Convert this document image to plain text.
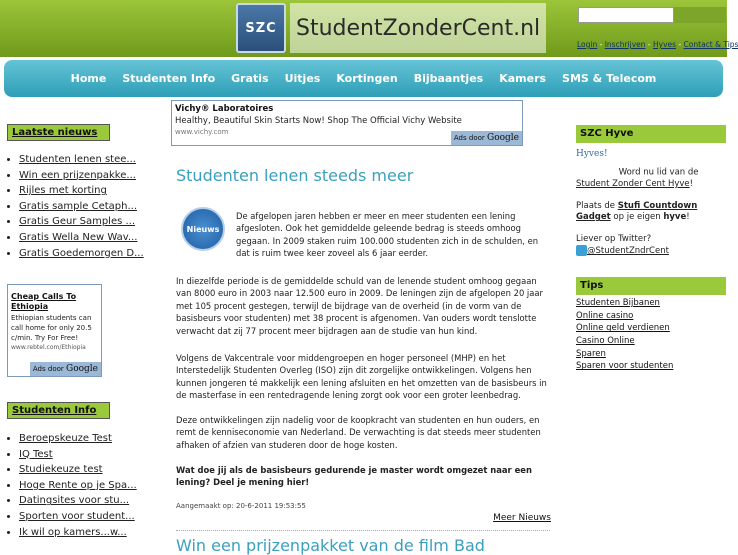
SZC StudentZonderCent.nl
Login - Inschrijven - Hyves - Contact & Tips
Home	Studenten Info	Gratis	Uitjes	Kortingen	Bijbaantjes	Kamers	SMS & Telecom
Vichy® Laboratoires
Healthy, Beautiful Skin Starts Now! Shop The Official Vichy Website
www.vichy.com
Ads door Google
Laatste nieuws
• Studenten lenen stee...
• Win een prijzenpakke...
• Rijles met korting
• Gratis sample Cetaph...
• Gratis Geur Samples ...
• Gratis Wella New Wav...
• Gratis Goedemorgen D...
Cheap Calls To Ethiopia
Ethiopian students can call home for only 20.5 c/min. Try For Free!
www.rebtel.com/Ethiopia
Ads door Google
Studenten Info
• Beroepskeuze Test
• IQ Test
• Studiekeuze test
• Hoge Rente op je Spa...
• Datingsites voor stu...
• Sporten voor student...
• Ik wil op kamers...w...
Studenten lenen steeds meer
Nieuws
De afgelopen jaren hebben er meer en meer studenten een lening afgesloten. Ook het gemiddelde geleende bedrag is steeds omhoog gegaan. In 2009 staken ruim 100.000 studenten zich in de schulden, en dat is ruim twee keer zoveel als 6 jaar eerder.
In diezelfde periode is de gemiddelde schuld van de lenende student omhoog gegaan van 8000 euro in 2003 naar 12.500 euro in 2009. De leningen zijn de afgelopen 20 jaar met 105 procent gestegen, terwijl de bijdrage van de overheid (in de vorm van de basisbeurs voor studenten) met 38 procent is afgenomen. Van ouders wordt tenslotte verwacht dat zij 77 procent meer bijdragen aan de studie van hun kind.
Volgens de Vakcentrale voor middengroepen en hoger personeel (MHP) en het Interstedelijk Studenten Overleg (ISO) zijn dit zorgelijke ontwikkelingen. Volgens hen kunnen jongeren té makkelijk een lening afsluiten en het omzetten van de basisbeurs in de masterfase in een rentedragende lening zorgt ook voor een groter leenbedrag.
Deze ontwikkelingen zijn nadelig voor de koopkracht van studenten en hun ouders, en remt de kenniseconomie van Nederland. De verwachting is dat steeds meer studenten afhaken of afzien van studeren door de hoge kosten.
Wat doe jij als de basisbeurs gedurende je master wordt omgezet naar een lening? Deel je mening hier!
Aangemaakt op: 20-6-2011 19:53:55
Meer Nieuws
Win een prijzenpakket van de film Bad
SZC Hyve
Hyves! Word nu lid van de
Student Zonder Cent Hyve!
Plaats de Stufi Countdown Gadget op je eigen hyve!
Liever op Twitter?
@StudentZndrCent
Tips
Studenten Bijbanen
Online casino
Online geld verdienen
Casino Online
Sparen
Sparen voor studenten
